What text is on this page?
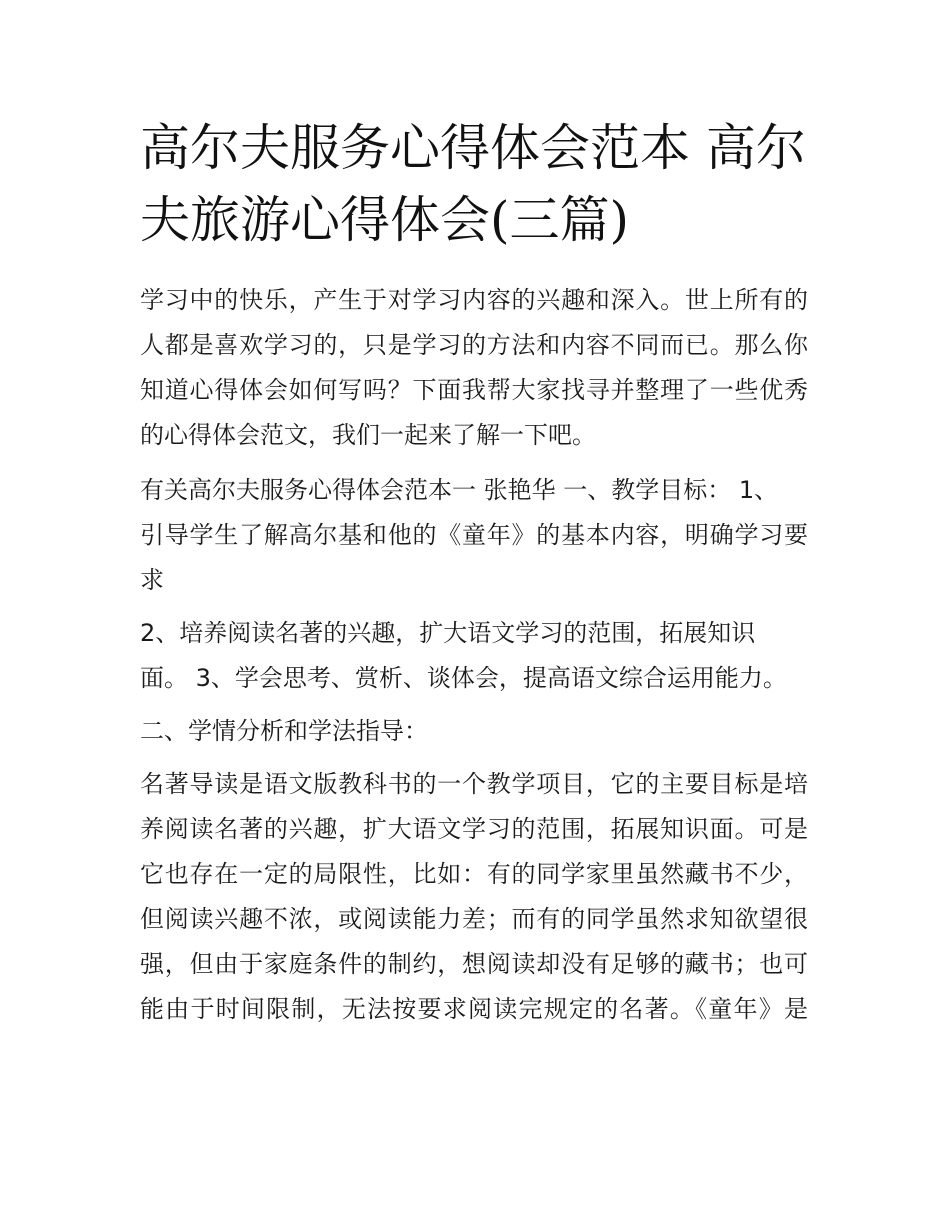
高尔夫服务心得体会范本 高尔
夫旅游心得体会(三篇)
学习中的快乐，产生于对学习内容的兴趣和深入。世上所有的
人都是喜欢学习的，只是学习的方法和内容不同而已。那么你
知道心得体会如何写吗？下面我帮大家找寻并整理了一些优秀
的心得体会范文，我们一起来了解一下吧。
有关高尔夫服务心得体会范本一 张艳华 一、教学目标： 1、
引导学生了解高尔基和他的《童年》的基本内容，明确学习要
求
2、培养阅读名著的兴趣，扩大语文学习的范围，拓展知识
面。 3、学会思考、赏析、谈体会，提高语文综合运用能力。
二、学情分析和学法指导：
名著导读是语文版教科书的一个教学项目，它的主要目标是培
养阅读名著的兴趣，扩大语文学习的范围，拓展知识面。可是
它也存在一定的局限性，比如：有的同学家里虽然藏书不少，
但阅读兴趣不浓，或阅读能力差；而有的同学虽然求知欲望很
强，但由于家庭条件的制约，想阅读却没有足够的藏书；也可
能由于时间限制，无法按要求阅读完规定的名著。《童年》是
